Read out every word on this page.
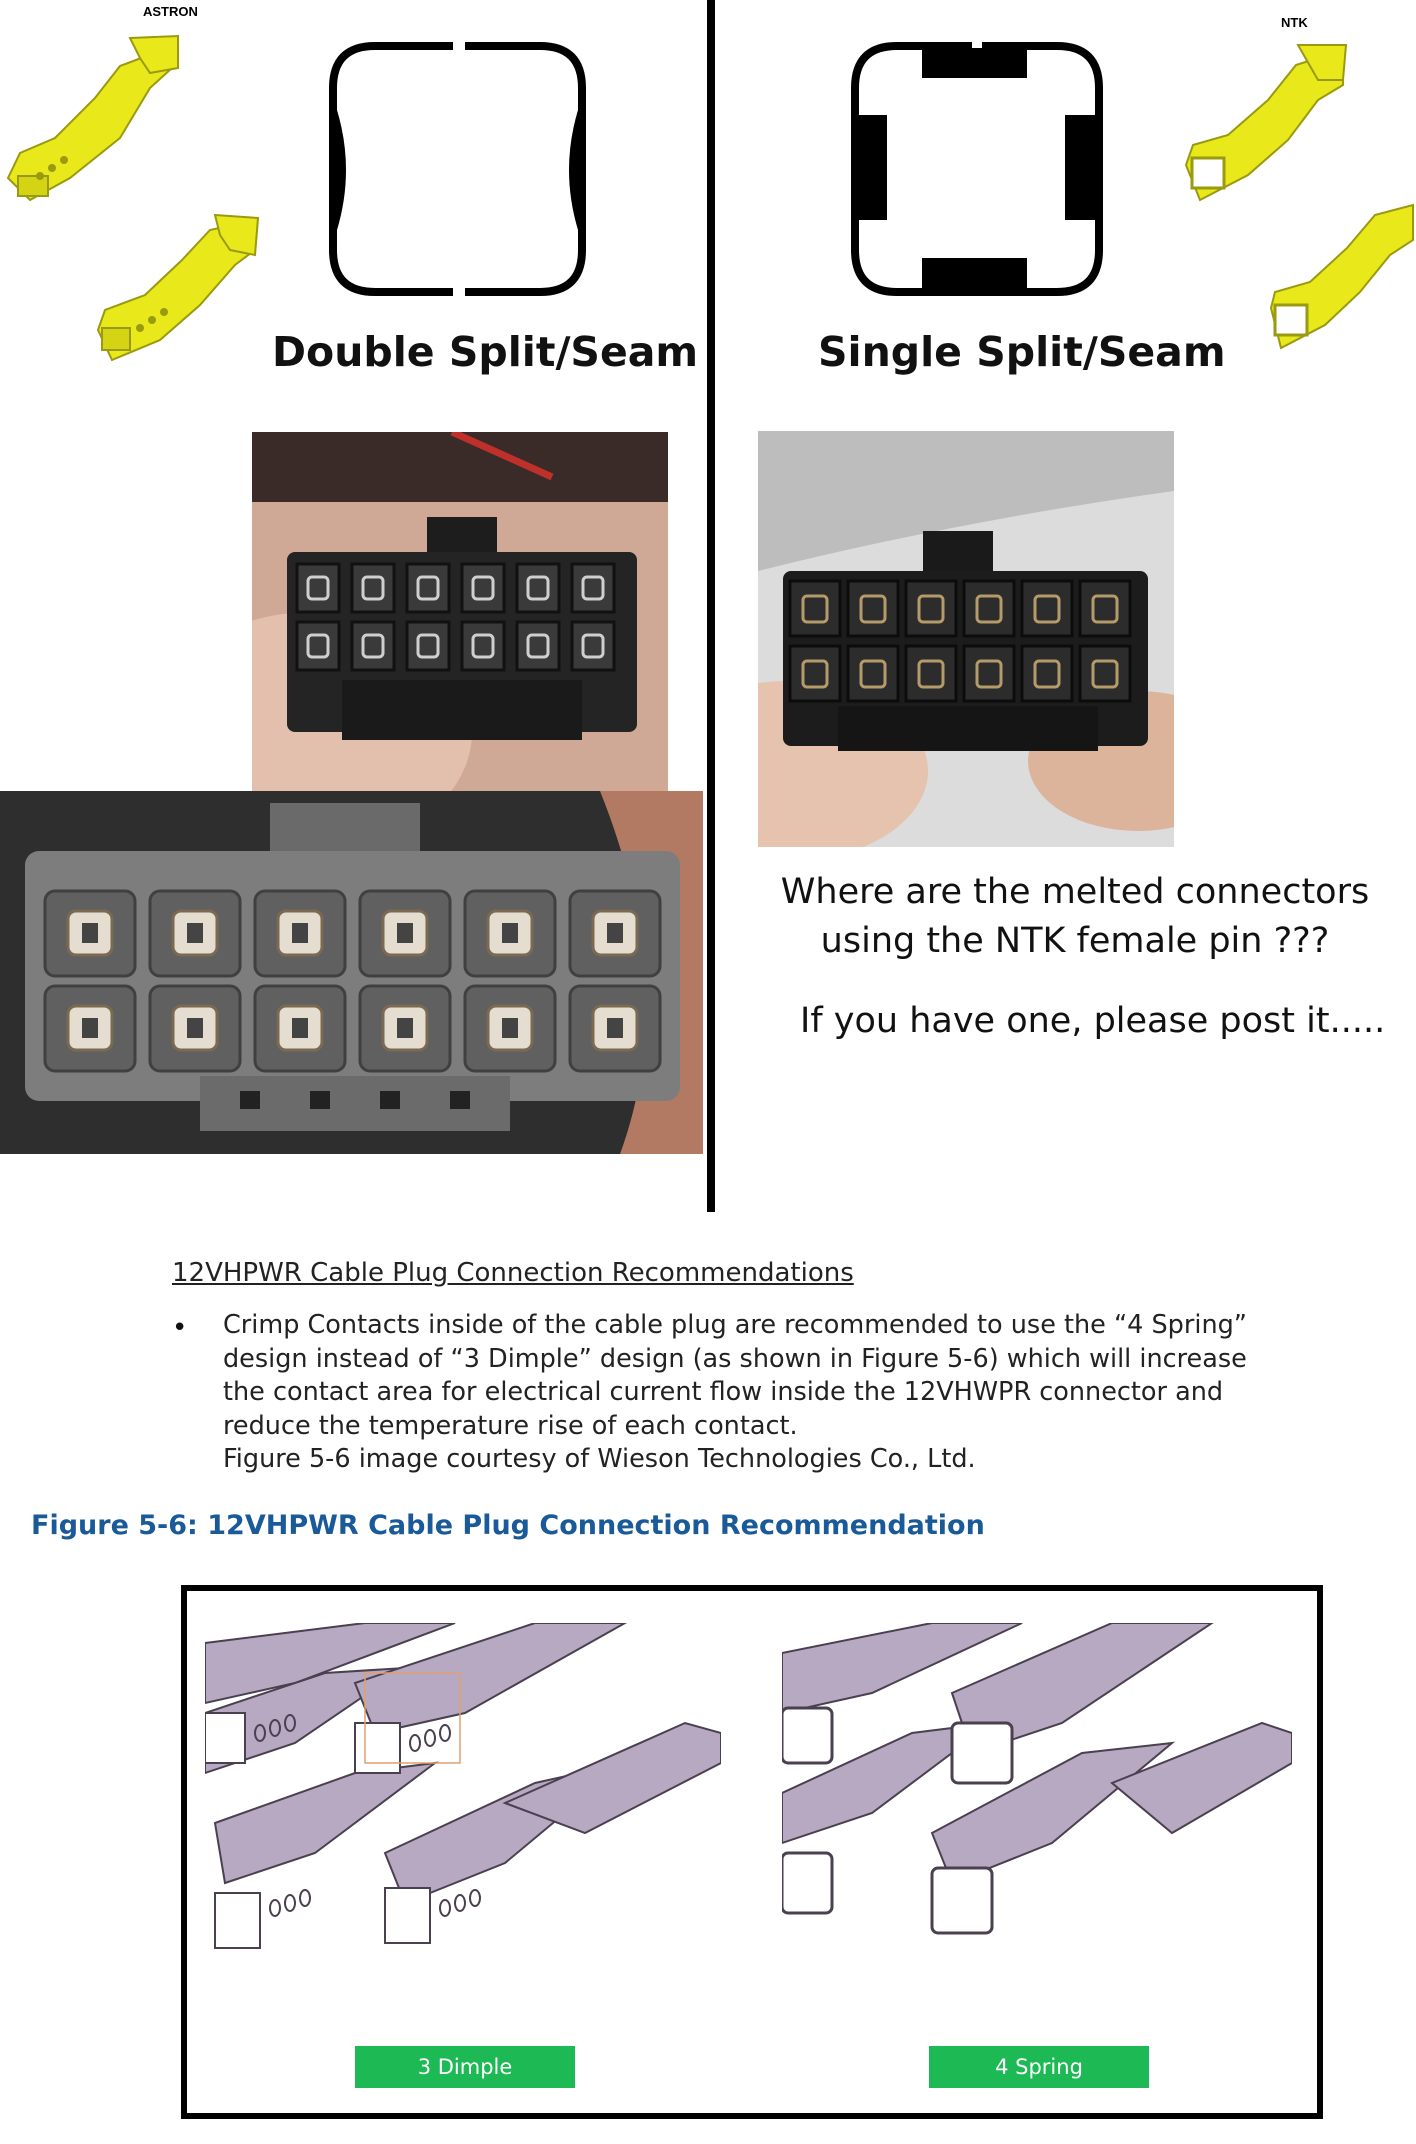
ASTRON
Double Split/Seam
NTK
Single Split/Seam
Where are the melted connectors
using the NTK female pin ???
If you have one, please post it.....
12VHPWR Cable Plug Connection Recommendations
• Crimp Contacts inside of the cable plug are recommended to use the “4 Spring”
design instead of “3 Dimple” design (as shown in Figure 5-6) which will increase
the contact area for electrical current flow inside the 12VHWPR connector and
reduce the temperature rise of each contact.
Figure 5-6 image courtesy of Wieson Technologies Co., Ltd.
Figure 5-6: 12VHPWR Cable Plug Connection Recommendation
3 Dimple	4 Spring
